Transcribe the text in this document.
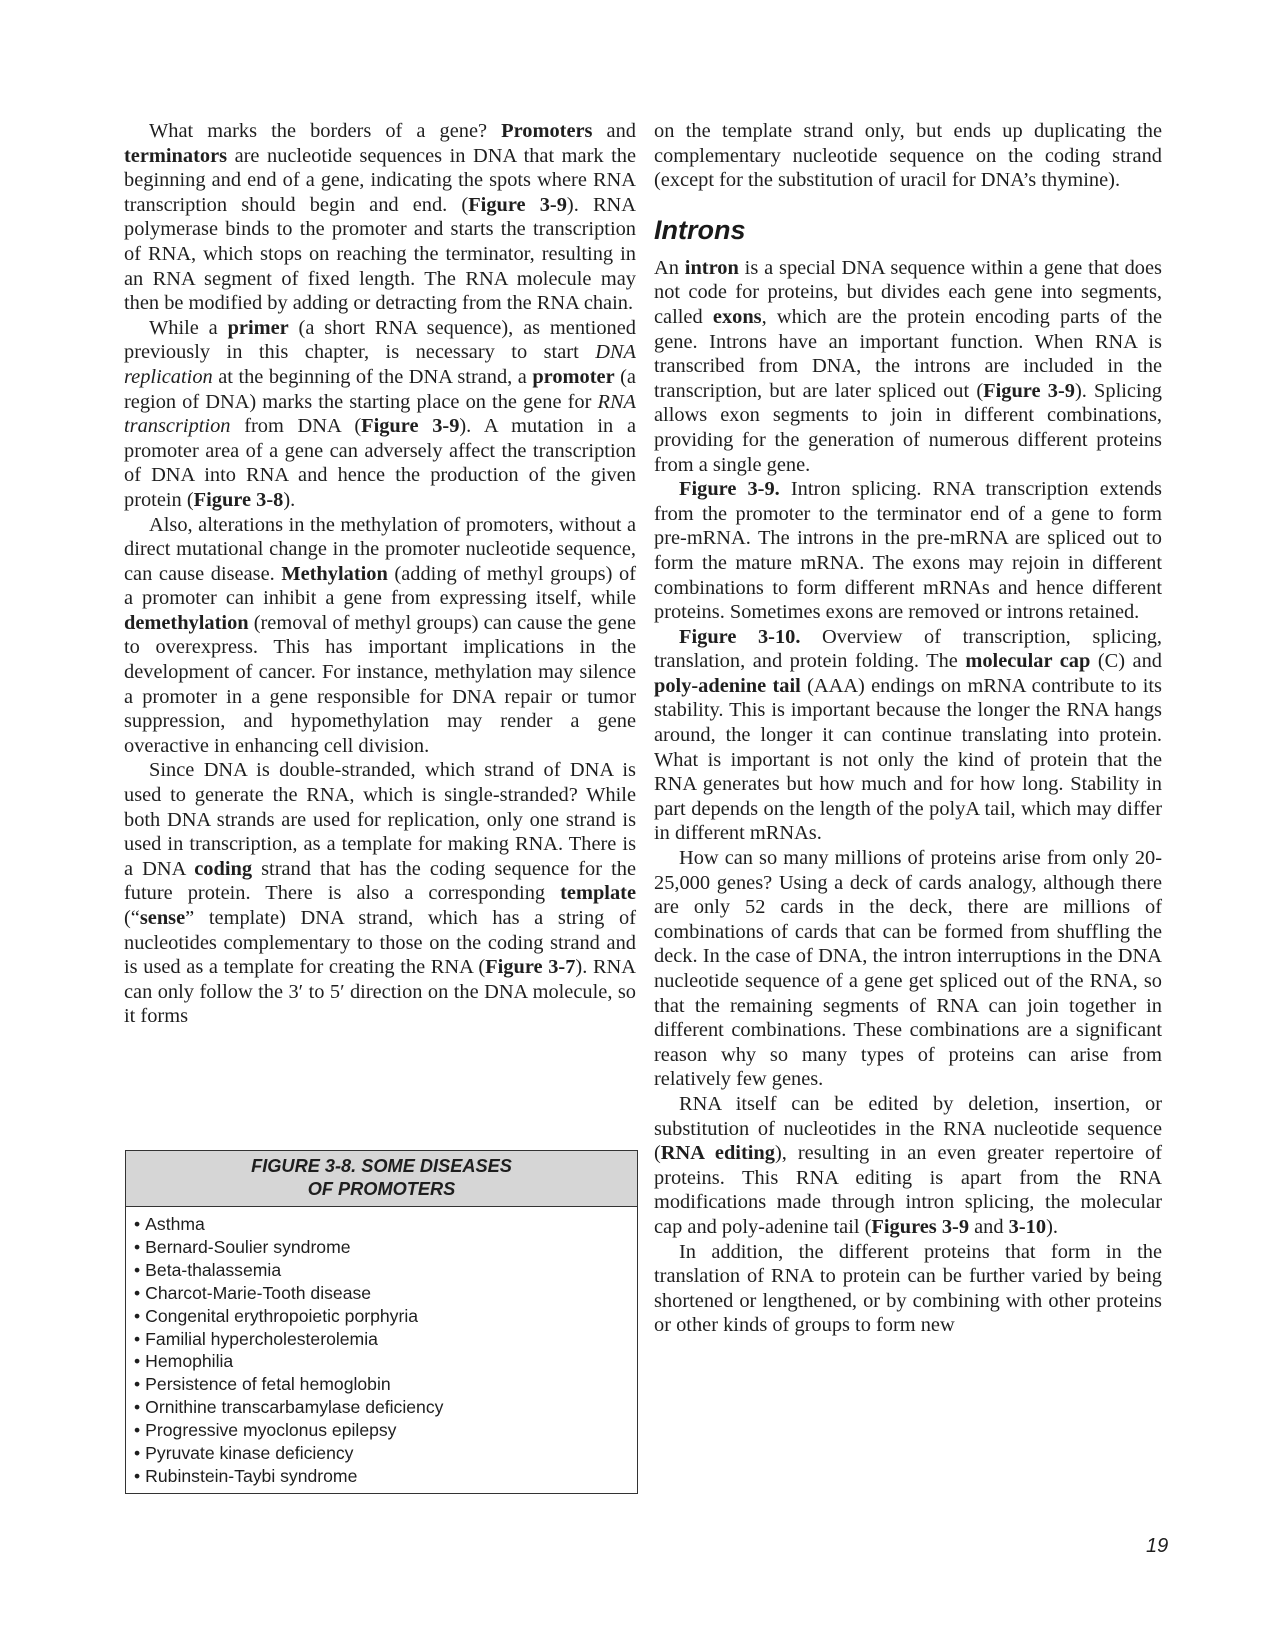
What marks the borders of a gene? Promoters and terminators are nucleotide sequences in DNA that mark the beginning and end of a gene, indicating the spots where RNA transcription should begin and end. (Figure 3-9). RNA polymerase binds to the promoter and starts the transcription of RNA, which stops on reaching the terminator, resulting in an RNA segment of fixed length. The RNA molecule may then be modified by adding or detracting from the RNA chain.

While a primer (a short RNA sequence), as mentioned previously in this chapter, is necessary to start DNA replication at the beginning of the DNA strand, a promoter (a region of DNA) marks the starting place on the gene for RNA transcription from DNA (Figure 3-9). A mutation in a promoter area of a gene can adversely affect the transcription of DNA into RNA and hence the production of the given protein (Figure 3-8).

Also, alterations in the methylation of promoters, without a direct mutational change in the promoter nucleotide sequence, can cause disease. Methylation (adding of methyl groups) of a promoter can inhibit a gene from expressing itself, while demethylation (removal of methyl groups) can cause the gene to overexpress. This has important implications in the development of cancer. For instance, methylation may silence a promoter in a gene responsible for DNA repair or tumor suppression, and hypomethylation may render a gene overactive in enhancing cell division.

Since DNA is double-stranded, which strand of DNA is used to generate the RNA, which is single-stranded? While both DNA strands are used for replication, only one strand is used in transcription, as a template for making RNA. There is a DNA coding strand that has the coding sequence for the future protein. There is also a corresponding template (“sense” template) DNA strand, which has a string of nucleotides complementary to those on the coding strand and is used as a template for creating the RNA (Figure 3-7). RNA can only follow the 3′ to 5′ direction on the DNA molecule, so it forms

FIGURE 3-8. SOME DISEASES
OF PROMOTERS
• Asthma
• Bernard-Soulier syndrome
• Beta-thalassemia
• Charcot-Marie-Tooth disease
• Congenital erythropoietic porphyria
• Familial hypercholesterolemia
• Hemophilia
• Persistence of fetal hemoglobin
• Ornithine transcarbamylase deficiency
• Progressive myoclonus epilepsy
• Pyruvate kinase deficiency
• Rubinstein-Taybi syndrome

on the template strand only, but ends up duplicating the complementary nucleotide sequence on the coding strand (except for the substitution of uracil for DNA’s thymine).

Introns

An intron is a special DNA sequence within a gene that does not code for proteins, but divides each gene into segments, called exons, which are the protein encoding parts of the gene. Introns have an important function. When RNA is transcribed from DNA, the introns are included in the transcription, but are later spliced out (Figure 3-9). Splicing allows exon segments to join in different combinations, providing for the generation of numerous different proteins from a single gene.

Figure 3-9. Intron splicing. RNA transcription extends from the promoter to the terminator end of a gene to form pre-mRNA. The introns in the pre-mRNA are spliced out to form the mature mRNA. The exons may rejoin in different combinations to form different mRNAs and hence different proteins. Sometimes exons are removed or introns retained.

Figure 3-10. Overview of transcription, splicing, translation, and protein folding. The molecular cap (C) and poly-adenine tail (AAA) endings on mRNA contribute to its stability. This is important because the longer the RNA hangs around, the longer it can continue translating into protein. What is important is not only the kind of protein that the RNA generates but how much and for how long. Stability in part depends on the length of the polyA tail, which may differ in different mRNAs.

How can so many millions of proteins arise from only 20-25,000 genes? Using a deck of cards analogy, although there are only 52 cards in the deck, there are millions of combinations of cards that can be formed from shuffling the deck. In the case of DNA, the intron interruptions in the DNA nucleotide sequence of a gene get spliced out of the RNA, so that the remaining segments of RNA can join together in different combinations. These combinations are a significant reason why so many types of proteins can arise from relatively few genes.

RNA itself can be edited by deletion, insertion, or substitution of nucleotides in the RNA nucleotide sequence (RNA editing), resulting in an even greater repertoire of proteins. This RNA editing is apart from the RNA modifications made through intron splicing, the molecular cap and poly-adenine tail (Figures 3-9 and 3-10).

In addition, the different proteins that form in the translation of RNA to protein can be further varied by being shortened or lengthened, or by combining with other proteins or other kinds of groups to form new

19
